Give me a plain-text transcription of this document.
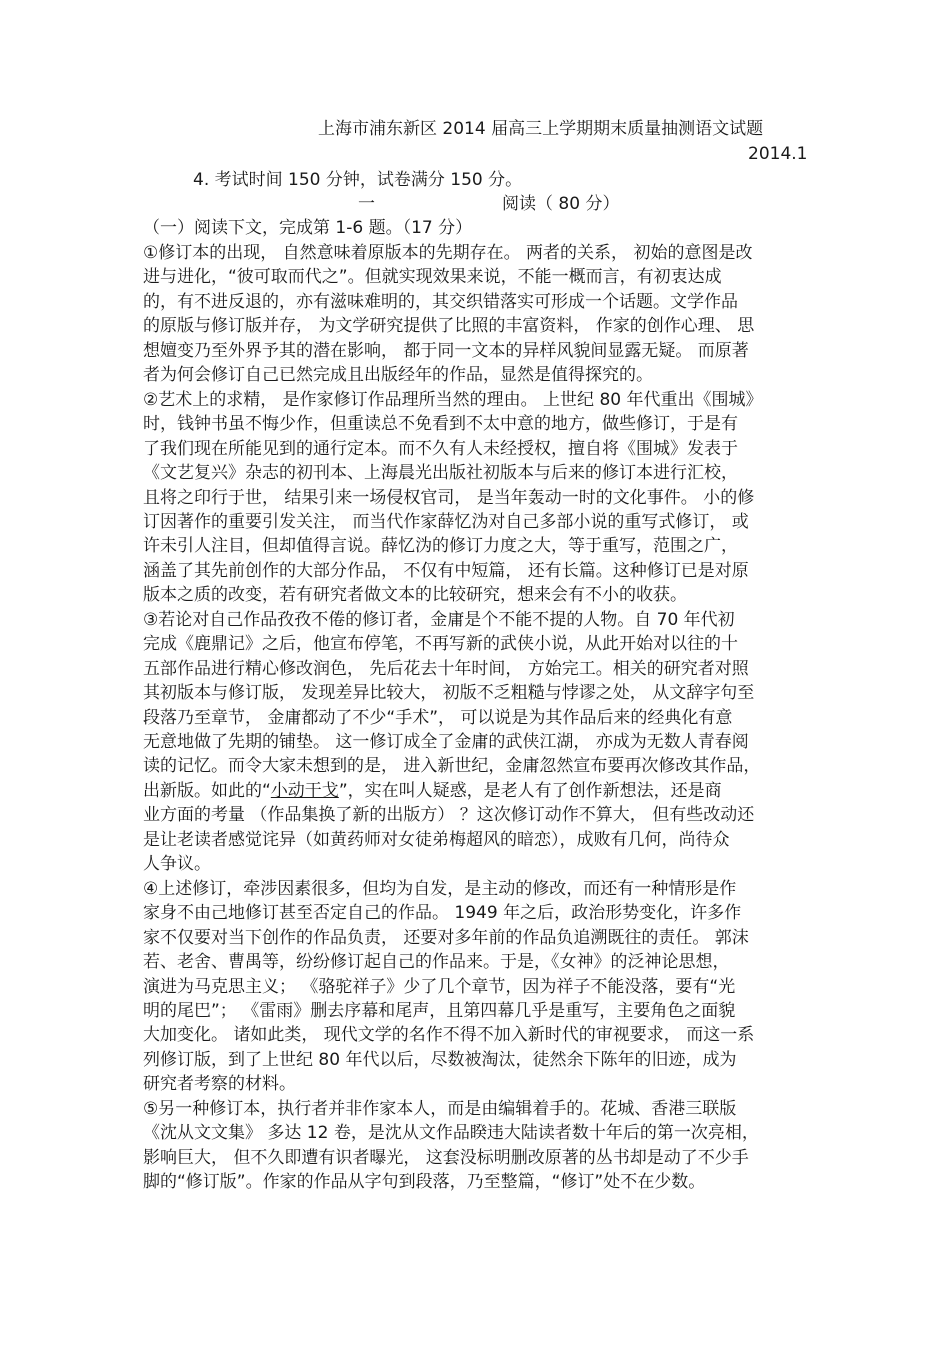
上海市浦东新区 2014 届高三上学期期末质量抽测语文试题
2014.1
4. 考试时间 150 分钟，试卷满分 150 分。
一	阅读（ 80 分）
（一）阅读下文，完成第 1-6 题。（17 分）
①修订本的出现， 自然意味着原版本的先期存在。 两者的关系， 初始的意图是改
进与进化，“彼可取而代之”。但就实现效果来说，不能一概而言，有初衷达成
的，有不进反退的，亦有滋味难明的，其交织错落实可形成一个话题。文学作品
的原版与修订版并存， 为文学研究提供了比照的丰富资料， 作家的创作心理、 思
想嬗变乃至外界予其的潜在影响， 都于同一文本的异样风貌间显露无疑。 而原著
者为何会修订自己已然完成且出版经年的作品，显然是值得探究的。
②艺术上的求精， 是作家修订作品理所当然的理由。 上世纪 80 年代重出《围城》
时，钱钟书虽不悔少作，但重读总不免看到不太中意的地方，做些修订，于是有
了我们现在所能见到的通行定本。而不久有人未经授权，擅自将《围城》发表于
《文艺复兴》杂志的初刊本、上海晨光出版社初版本与后来的修订本进行汇校，
且将之印行于世， 结果引来一场侵权官司， 是当年轰动一时的文化事件。 小的修
订因著作的重要引发关注， 而当代作家薛忆沩对自己多部小说的重写式修订， 或
许未引人注目，但却值得言说。薛忆沩的修订力度之大，等于重写，范围之广，
涵盖了其先前创作的大部分作品， 不仅有中短篇， 还有长篇。这种修订已是对原
版本之质的改变，若有研究者做文本的比较研究，想来会有不小的收获。
③若论对自己作品孜孜不倦的修订者，金庸是个不能不提的人物。自 70 年代初
完成《鹿鼎记》之后，他宣布停笔，不再写新的武侠小说，从此开始对以往的十
五部作品进行精心修改润色， 先后花去十年时间， 方始完工。相关的研究者对照
其初版本与修订版， 发现差异比较大， 初版不乏粗糙与悖谬之处， 从文辞字句至
段落乃至章节， 金庸都动了不少“手术”， 可以说是为其作品后来的经典化有意
无意地做了先期的铺垫。 这一修订成全了金庸的武侠江湖， 亦成为无数人青春阅
读的记忆。而令大家未想到的是， 进入新世纪，金庸忽然宣布要再次修改其作品，
出新版。如此的“小动干戈”，实在叫人疑惑，是老人有了创作新想法，还是商
业方面的考量 （作品集换了新的出版方） ？这次修订动作不算大， 但有些改动还
是让老读者感觉诧异（如黄药师对女徒弟梅超风的暗恋），成败有几何，尚待众
人争议。
④上述修订，牵涉因素很多，但均为自发，是主动的修改，而还有一种情形是作
家身不由己地修订甚至否定自己的作品。 1949 年之后，政治形势变化，许多作
家不仅要对当下创作的作品负责， 还要对多年前的作品负追溯既往的责任。 郭沫
若、老舍、曹禺等，纷纷修订起自己的作品来。于是，《女神》的泛神论思想，
演进为马克思主义； 《骆驼祥子》少了几个章节，因为祥子不能没落，要有“光
明的尾巴”； 《雷雨》删去序幕和尾声，且第四幕几乎是重写，主要角色之面貌
大加变化。 诸如此类， 现代文学的名作不得不加入新时代的审视要求， 而这一系
列修订版，到了上世纪 80 年代以后，尽数被淘汰，徒然余下陈年的旧迹，成为
研究者考察的材料。
⑤另一种修订本，执行者并非作家本人，而是由编辑着手的。花城、香港三联版
《沈从文文集》 多达 12 卷，是沈从文作品睽违大陆读者数十年后的第一次亮相，
影响巨大， 但不久即遭有识者曝光， 这套没标明删改原著的丛书却是动了不少手
脚的“修订版”。作家的作品从字句到段落，乃至整篇，“修订”处不在少数。
